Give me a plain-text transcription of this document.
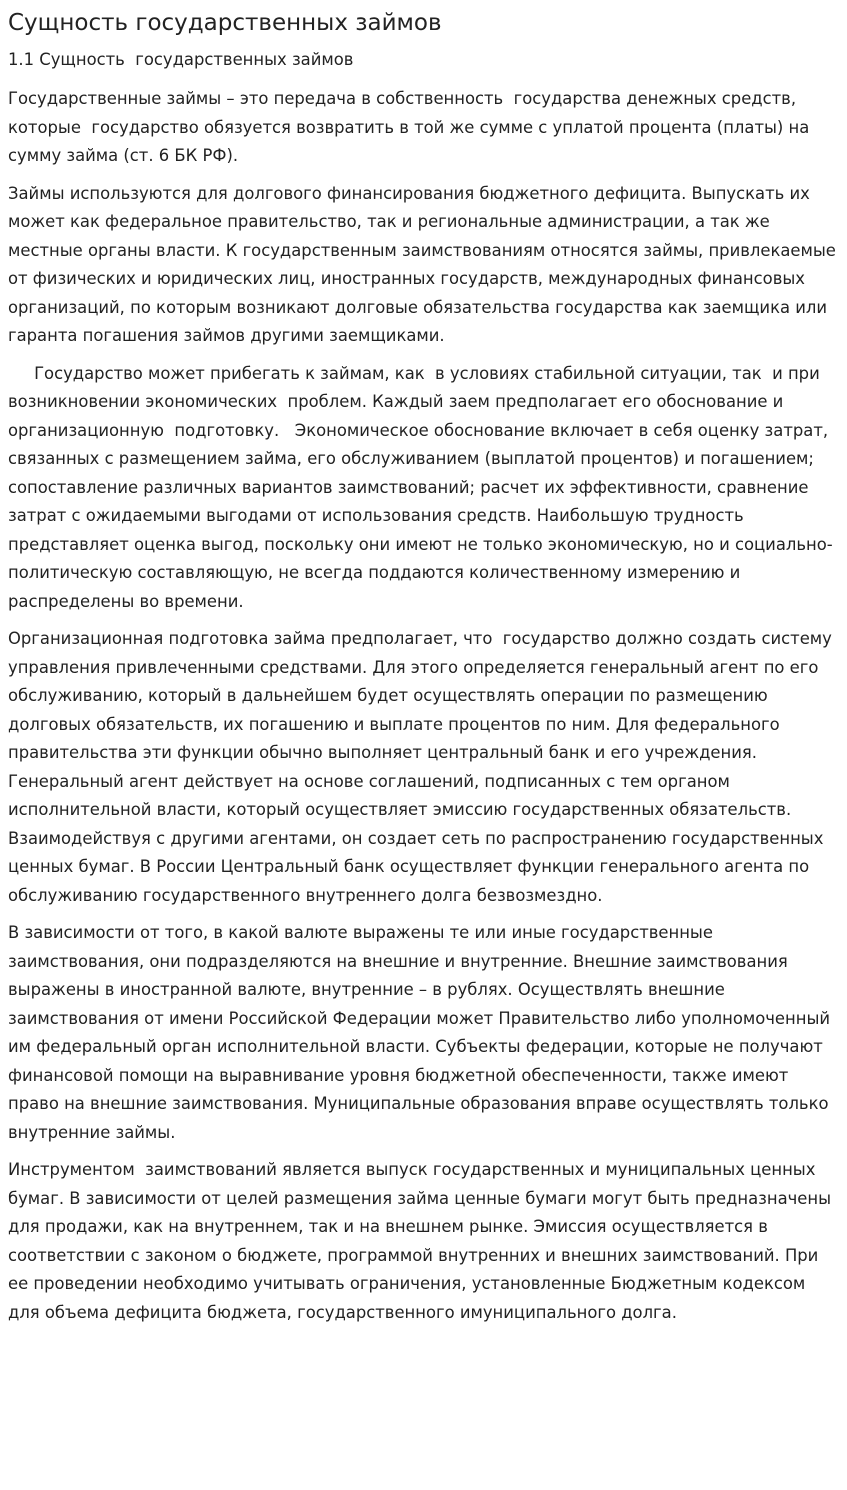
Сущность государственных займов
1.1 Сущность  государственных займов

Государственные займы – это передача в собственность  государства денежных средств, которые  государство обязуется возвратить в той же сумме с уплатой процента (платы) на сумму займа (ст. 6 БК РФ).

Займы используются для долгового финансирования бюджетного дефицита. Выпускать их может как федеральное правительство, так и региональные администрации, а так же местные органы власти. К государственным заимствованиям относятся займы, привлекаемые от физических и юридических лиц, иностранных государств, международных финансовых организаций, по которым возникают долговые обязательства государства как заемщика или гаранта погашения займов другими заемщиками.

Государство может прибегать к займам, как  в условиях стабильной ситуации, так  и при возникновении экономических  проблем. Каждый заем предполагает его обоснование и организационную  подготовку.   Экономическое обоснование включает в себя оценку затрат, связанных с размещением займа, его обслуживанием (выплатой процентов) и погашением; сопоставление различных вариантов заимствований; расчет их эффективности, сравнение затрат с ожидаемыми выгодами от использования средств. Наибольшую трудность представляет оценка выгод, поскольку они имеют не только экономическую, но и социально-политическую составляющую, не всегда поддаются количественному измерению и распределены во времени.

Организационная подготовка займа предполагает, что  государство должно создать систему управления привлеченными средствами. Для этого определяется генеральный агент по его обслуживанию, который в дальнейшем будет осуществлять операции по размещению долговых обязательств, их погашению и выплате процентов по ним. Для федерального правительства эти функции обычно выполняет центральный банк и его учреждения. Генеральный агент действует на основе соглашений, подписанных с тем органом исполнительной власти, который осуществляет эмиссию государственных обязательств. Взаимодействуя с другими агентами, он создает сеть по распространению государственных ценных бумаг. В России Центральный банк осуществляет функции генерального агента по обслуживанию государственного внутреннего долга безвозмездно.

В зависимости от того, в какой валюте выражены те или иные государственные заимствования, они подразделяются на внешние и внутренние. Внешние заимствования выражены в иностранной валюте, внутренние – в рублях. Осуществлять внешние заимствования от имени Российской Федерации может Правительство либо уполномоченный им федеральный орган исполнительной власти. Субъекты федерации, которые не получают финансовой помощи на выравнивание уровня бюджетной обеспеченности, также имеют право на внешние заимствования. Муниципальные образования вправе осуществлять только внутренние займы.

Инструментом  заимствований является выпуск государственных и муниципальных ценных бумаг. В зависимости от целей размещения займа ценные бумаги могут быть предназначены для продажи, как на внутреннем, так и на внешнем рынке. Эмиссия осуществляется в соответствии с законом о бюджете, программой внутренних и внешних заимствований. При ее проведении необходимо учитывать ограничения, установленные Бюджетным кодексом для объема дефицита бюджета, государственного имуниципального долга.
